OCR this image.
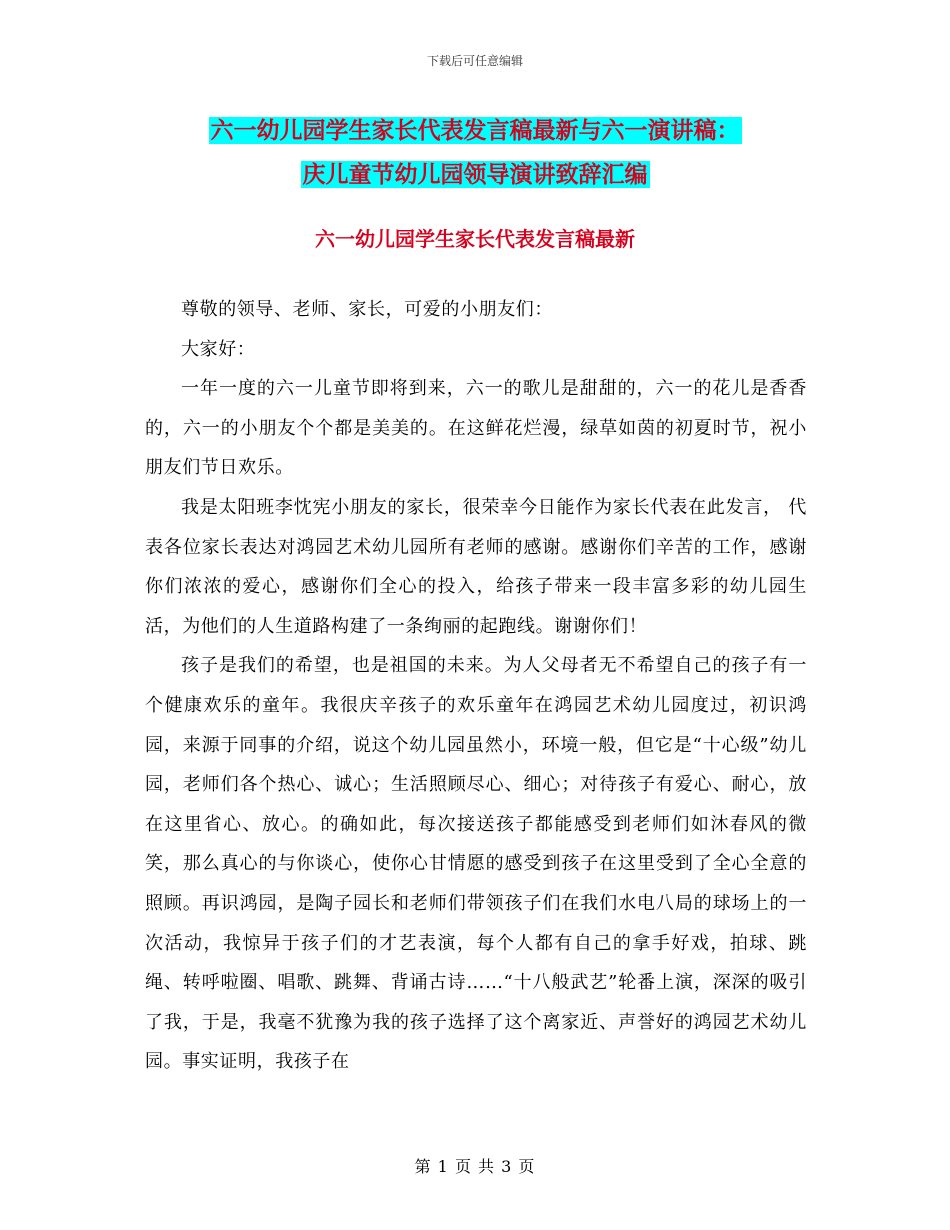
下载后可任意编辑
六一幼儿园学生家长代表发言稿最新与六一演讲稿：
庆儿童节幼儿园领导演讲致辞汇编
六一幼儿园学生家长代表发言稿最新

尊敬的领导、老师、家长，可爱的小朋友们：

大家好：

一年一度的六一儿童节即将到来，六一的歌儿是甜甜的，六一的花儿是香香的，六一的小朋友个个都是美美的。在这鲜花烂漫，绿草如茵的初夏时节，祝小朋友们节日欢乐。

我是太阳班李忱宪小朋友的家长，很荣幸今日能作为家长代表在此发言， 代表各位家长表达对鸿园艺术幼儿园所有老师的感谢。感谢你们辛苦的工作，感谢你们浓浓的爱心，感谢你们全心的投入，给孩子带来一段丰富多彩的幼儿园生活，为他们的人生道路构建了一条绚丽的起跑线。谢谢你们！

孩子是我们的希望，也是祖国的未来。为人父母者无不希望自己的孩子有一个健康欢乐的童年。我很庆辛孩子的欢乐童年在鸿园艺术幼儿园度过，初识鸿园，来源于同事的介绍，说这个幼儿园虽然小，环境一般，但它是“十心级”幼儿园，老师们各个热心、诚心；生活照顾尽心、细心；对待孩子有爱心、耐心，放在这里省心、放心。的确如此，每次接送孩子都能感受到老师们如沐春风的微笑，那么真心的与你谈心，使你心甘情愿的感受到孩子在这里受到了全心全意的照顾。再识鸿园，是陶子园长和老师们带领孩子们在我们水电八局的球场上的一次活动，我惊异于孩子们的才艺表演，每个人都有自己的拿手好戏，拍球、跳绳、转呼啦圈、唱歌、跳舞、背诵古诗……“十八般武艺”轮番上演，深深的吸引了我，于是，我毫不犹豫为我的孩子选择了这个离家近、声誉好的鸿园艺术幼儿园。事实证明，我孩子在

第 1 页 共 3 页
